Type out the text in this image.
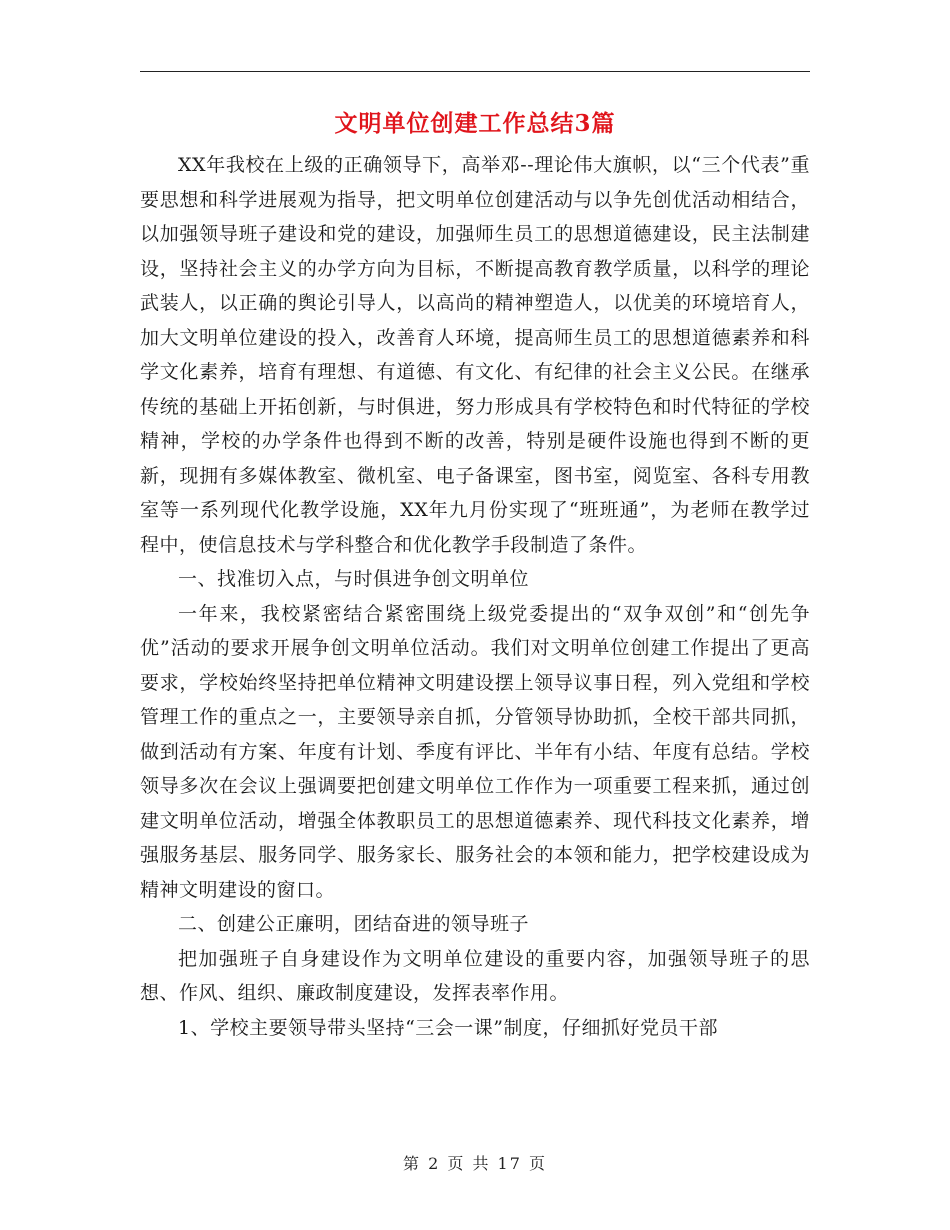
文明单位创建工作总结3篇

XX年我校在上级的正确领导下，高举邓--理论伟大旗帜，以“三个代表”重要思想和科学进展观为指导，把文明单位创建活动与以争先创优活动相结合，以加强领导班子建设和党的建设，加强师生员工的思想道德建设，民主法制建设，坚持社会主义的办学方向为目标，不断提高教育教学质量，以科学的理论武装人，以正确的舆论引导人，以高尚的精神塑造人，以优美的环境培育人，加大文明单位建设的投入，改善育人环境，提高师生员工的思想道德素养和科学文化素养，培育有理想、有道德、有文化、有纪律的社会主义公民。在继承传统的基础上开拓创新，与时俱进，努力形成具有学校特色和时代特征的学校精神，学校的办学条件也得到不断的改善，特别是硬件设施也得到不断的更新，现拥有多媒体教室、微机室、电子备课室，图书室，阅览室、各科专用教室等一系列现代化教学设施，XX年九月份实现了“班班通”，为老师在教学过程中，使信息技术与学科整合和优化教学手段制造了条件。

一、找准切入点，与时俱进争创文明单位

一年来，我校紧密结合紧密围绕上级党委提出的“双争双创”和“创先争优”活动的要求开展争创文明单位活动。我们对文明单位创建工作提出了更高要求，学校始终坚持把单位精神文明建设摆上领导议事日程，列入党组和学校管理工作的重点之一，主要领导亲自抓，分管领导协助抓，全校干部共同抓，做到活动有方案、年度有计划、季度有评比、半年有小结、年度有总结。学校领导多次在会议上强调要把创建文明单位工作作为一项重要工程来抓，通过创建文明单位活动，增强全体教职员工的思想道德素养、现代科技文化素养，增强服务基层、服务同学、服务家长、服务社会的本领和能力，把学校建设成为精神文明建设的窗口。

二、创建公正廉明，团结奋进的领导班子

把加强班子自身建设作为文明单位建设的重要内容，加强领导班子的思想、作风、组织、廉政制度建设，发挥表率作用。

1、学校主要领导带头坚持“三会一课”制度，仔细抓好党员干部

第 2 页 共 17 页
